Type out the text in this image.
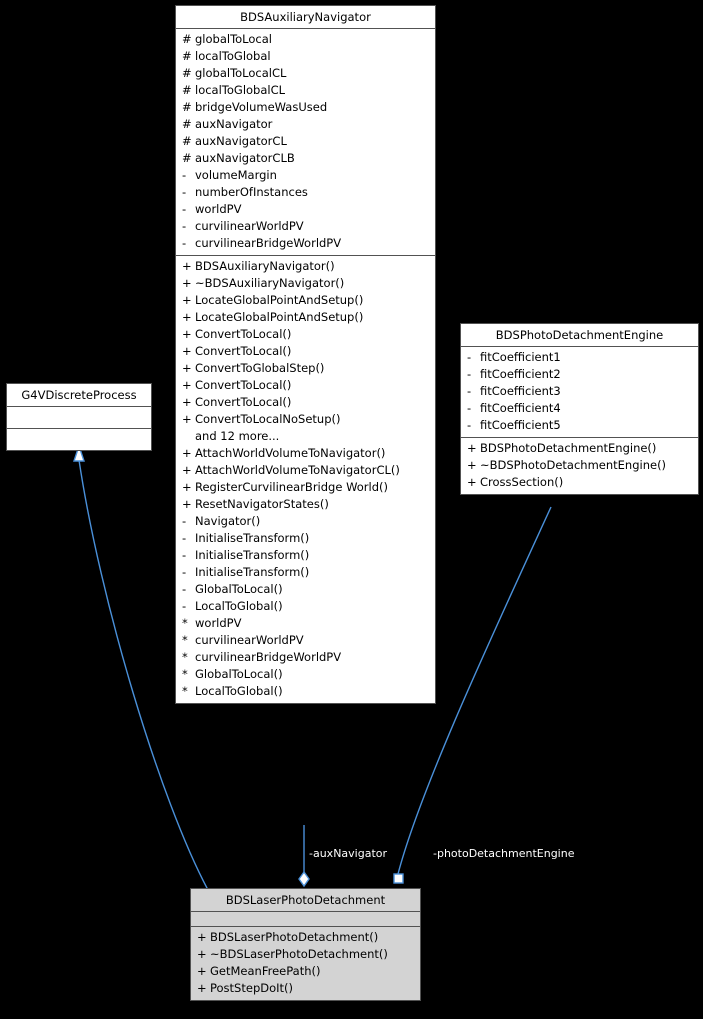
-auxNavigator	-photoDetachmentEngine
BDSAuxiliaryNavigator
# globalToLocal
# localToGlobal
# globalToLocalCL
# localToGlobalCL
# bridgeVolumeWasUsed
# auxNavigator
# auxNavigatorCL
# auxNavigatorCLB
- volumeMargin
- numberOfInstances
- worldPV
- curvilinearWorldPV
- curvilinearBridgeWorldPV
+ BDSAuxiliaryNavigator()
+ ~BDSAuxiliaryNavigator()
+ LocateGlobalPointAndSetup()
+ LocateGlobalPointAndSetup()
+ ConvertToLocal()
+ ConvertToLocal()
+ ConvertToGlobalStep()
+ ConvertToLocal()
+ ConvertToLocal()
+ ConvertToLocalNoSetup()
and 12 more...
+ AttachWorldVolumeToNavigator()
+ AttachWorldVolumeToNavigatorCL()
+ RegisterCurvilinearBridge World()
+ ResetNavigatorStates()
- Navigator()
- InitialiseTransform()
- InitialiseTransform()
- InitialiseTransform()
- GlobalToLocal()
- LocalToGlobal()
* worldPV
* curvilinearWorldPV
* curvilinearBridgeWorldPV
* GlobalToLocal()
* LocalToGlobal()
BDSPhotoDetachmentEngine
- fitCoefficient1
- fitCoefficient2
- fitCoefficient3
- fitCoefficient4
- fitCoefficient5
+ BDSPhotoDetachmentEngine()
+ ~BDSPhotoDetachmentEngine()
+ CrossSection()
G4VDiscreteProcess
BDSLaserPhotoDetachment
+ BDSLaserPhotoDetachment()
+ ~BDSLaserPhotoDetachment()
+ GetMeanFreePath()
+ PostStepDoIt()
